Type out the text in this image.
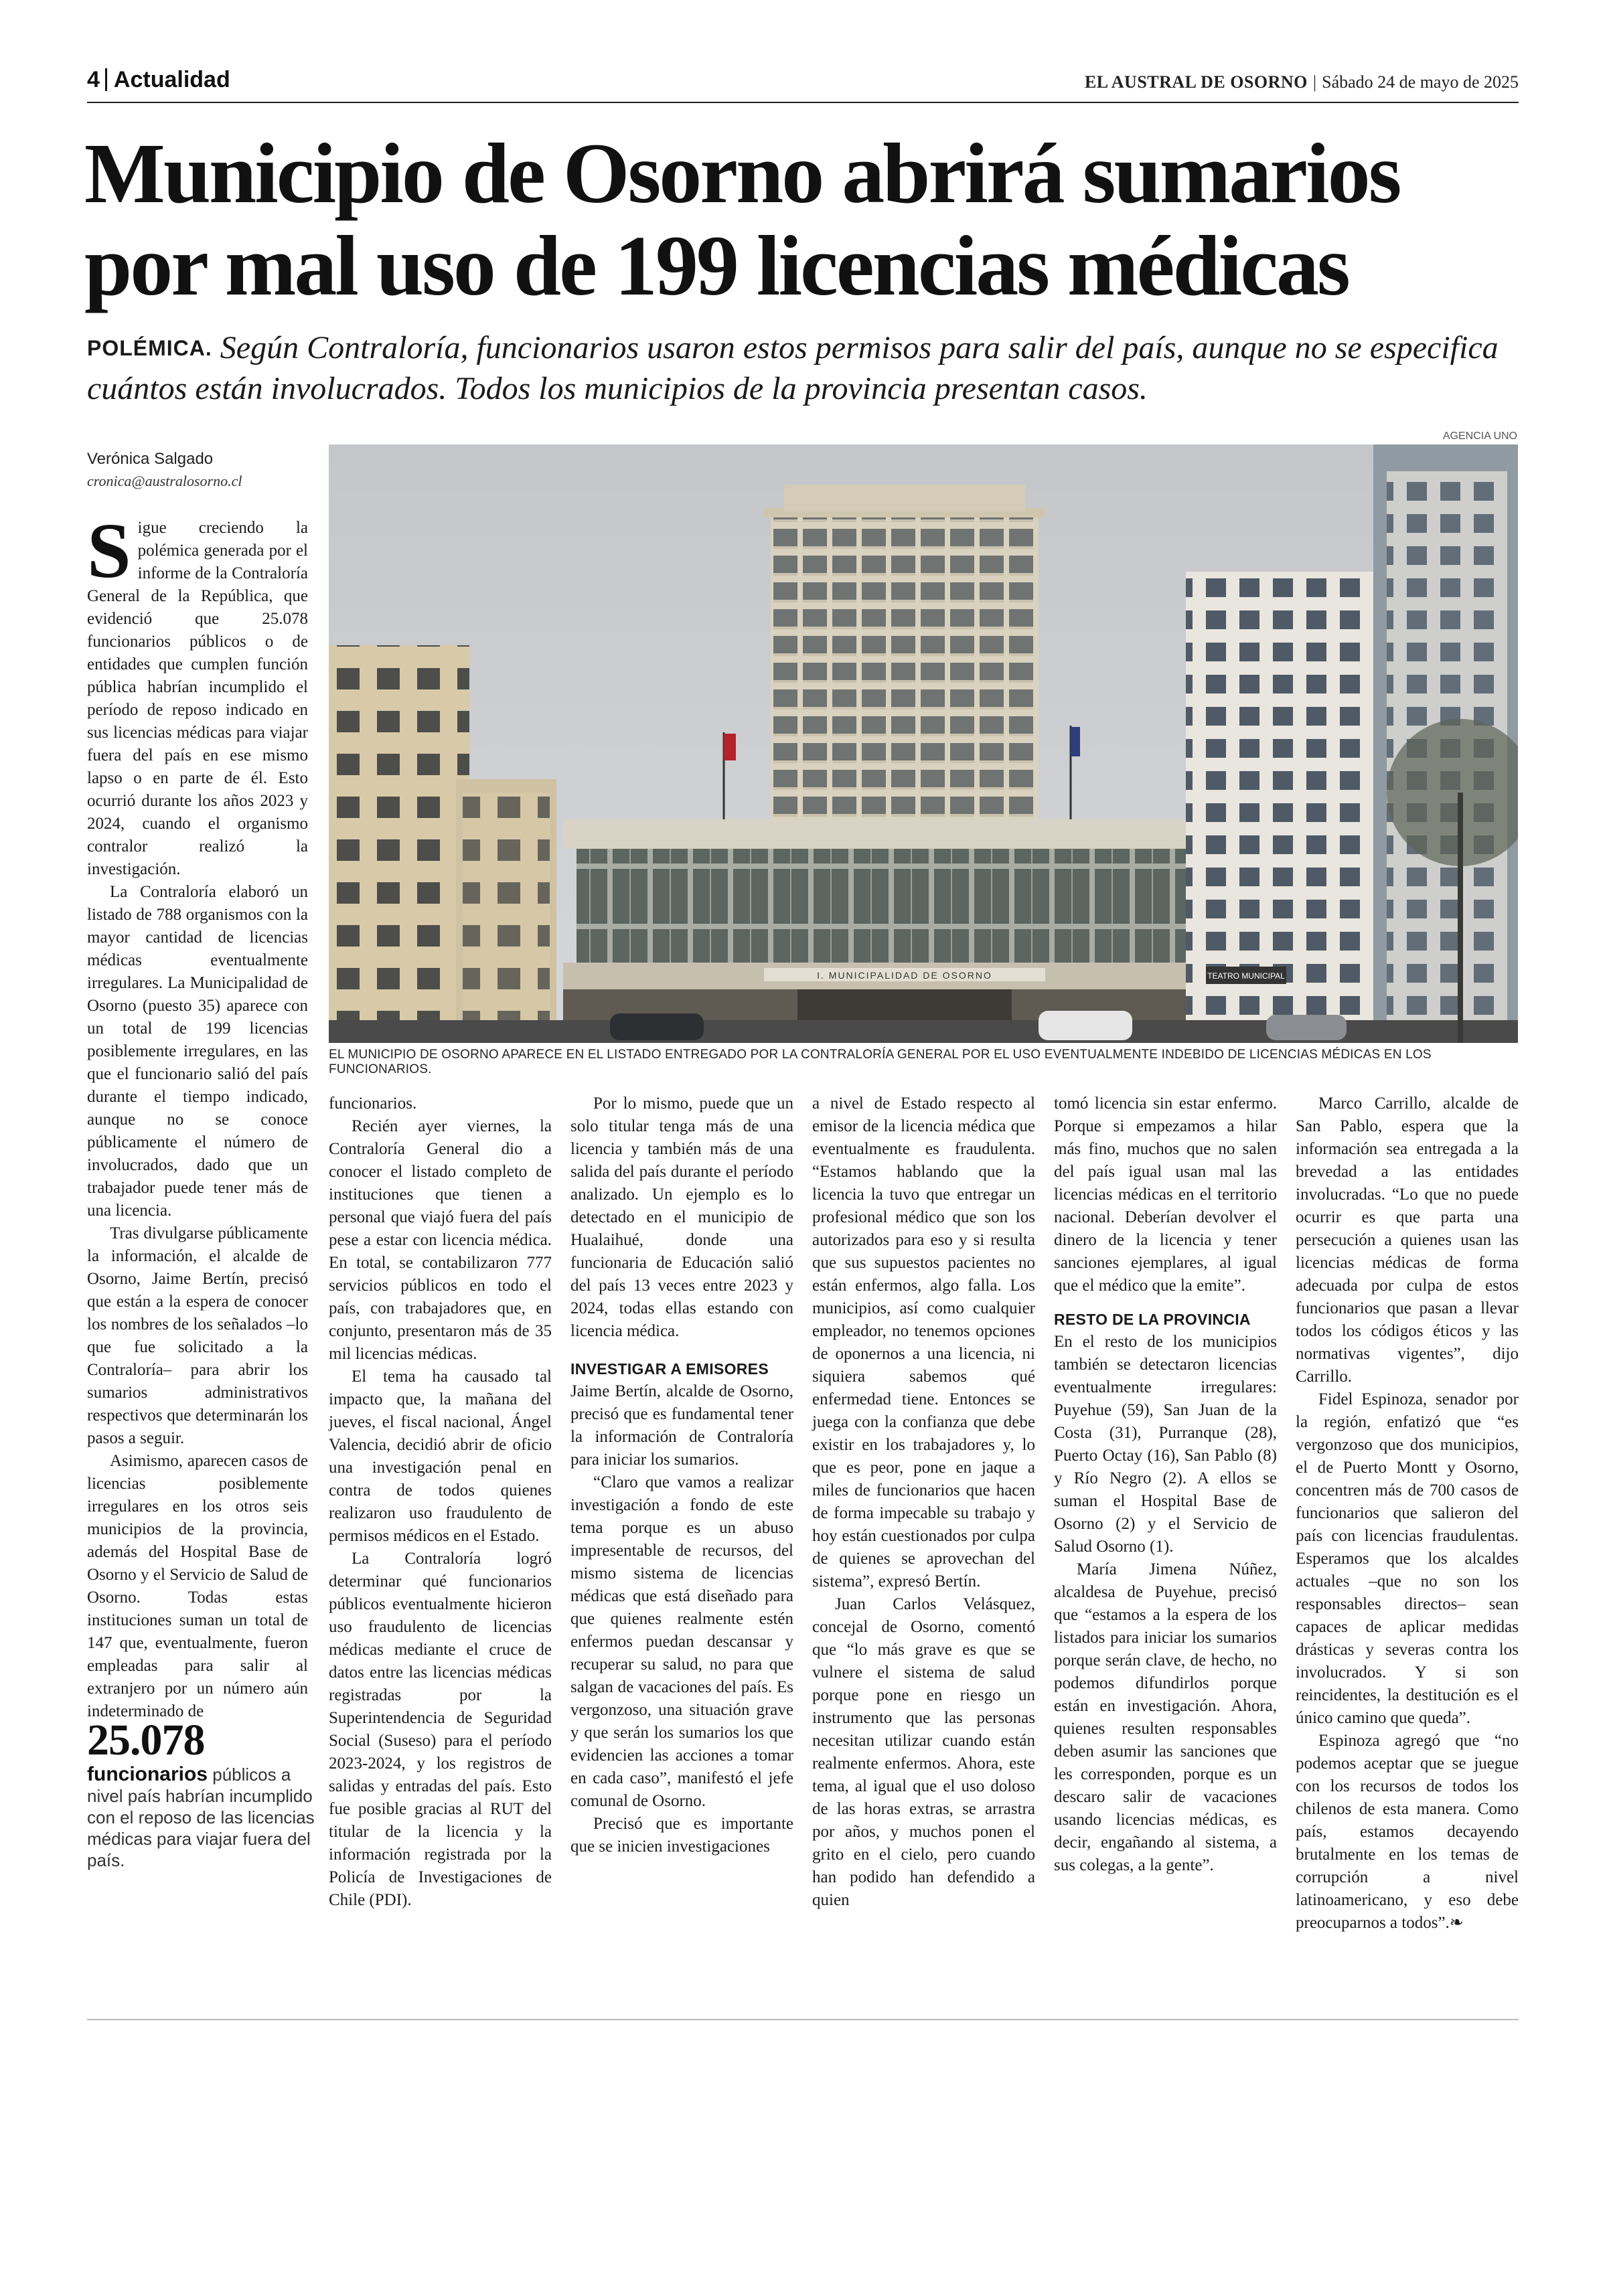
4 Actualidad	EL AUSTRAL DE OSORNO | Sábado 24 de mayo de 2025
Municipio de Osorno abrirá sumarios por mal uso de 199 licencias médicas
POLÉMICA. Según Contraloría, funcionarios usaron estos permisos para salir del país, aunque no se especifica cuántos están involucrados. Todos los municipios de la provincia presentan casos.
Verónica Salgado
cronica@australosorno.cl
AGENCIA UNO
I. MUNICIPALIDAD DE OSORNO	TEATRO MUNICIPAL
EL MUNICIPIO DE OSORNO APARECE EN EL LISTADO ENTREGADO POR LA CONTRALORÍA GENERAL POR EL USO EVENTUALMENTE INDEBIDO DE LICENCIAS MÉDICAS EN LOS FUNCIONARIOS.

Sigue creciendo la polémica generada por el informe de la Contraloría General de la República, que evidenció que 25.078 funcionarios públicos o de entidades que cumplen función pública habrían incumplido el período de reposo indicado en sus licencias médicas para viajar fuera del país en ese mismo lapso o en parte de él. Esto ocurrió durante los años 2023 y 2024, cuando el organismo contralor realizó la investigación.

La Contraloría elaboró un listado de 788 organismos con la mayor cantidad de licencias médicas eventualmente irregulares. La Municipalidad de Osorno (puesto 35) aparece con un total de 199 licencias posiblemente irregulares, en las que el funcionario salió del país durante el tiempo indicado, aunque no se conoce públicamente el número de involucrados, dado que un trabajador puede tener más de una licencia.

Tras divulgarse públicamente la información, el alcalde de Osorno, Jaime Bertín, precisó que están a la espera de conocer los nombres de los señalados –lo que fue solicitado a la Contraloría– para abrir los sumarios administrativos respectivos que determinarán los pasos a seguir.

Asimismo, aparecen casos de licencias posiblemente irregulares en los otros seis municipios de la provincia, además del Hospital Base de Osorno y el Servicio de Salud de Osorno. Todas estas instituciones suman un total de 147 que, eventualmente, fueron empleadas para salir al extranjero por un número aún indeterminado de

25.078
funcionarios públicos a nivel país habrían incumplido con el reposo de las licencias médicas para viajar fuera del país.

funcionarios.

Recién ayer viernes, la Contraloría General dio a conocer el listado completo de instituciones que tienen a personal que viajó fuera del país pese a estar con licencia médica. En total, se contabilizaron 777 servicios públicos en todo el país, con trabajadores que, en conjunto, presentaron más de 35 mil licencias médicas.

El tema ha causado tal impacto que, la mañana del jueves, el fiscal nacional, Ángel Valencia, decidió abrir de oficio una investigación penal en contra de todos quienes realizaron uso fraudulento de permisos médicos en el Estado.

La Contraloría logró determinar qué funcionarios públicos eventualmente hicieron uso fraudulento de licencias médicas mediante el cruce de datos entre las licencias médicas registradas por la Superintendencia de Seguridad Social (Suseso) para el período 2023-2024, y los registros de salidas y entradas del país. Esto fue posible gracias al RUT del titular de la licencia y la información registrada por la Policía de Investigaciones de Chile (PDI).

Por lo mismo, puede que un solo titular tenga más de una licencia y también más de una salida del país durante el período analizado. Un ejemplo es lo detectado en el municipio de Hualaihué, donde una funcionaria de Educación salió del país 13 veces entre 2023 y 2024, todas ellas estando con licencia médica.

INVESTIGAR A EMISORES

Jaime Bertín, alcalde de Osorno, precisó que es fundamental tener la información de Contraloría para iniciar los sumarios.

“Claro que vamos a realizar investigación a fondo de este tema porque es un abuso impresentable de recursos, del mismo sistema de licencias médicas que está diseñado para que quienes realmente estén enfermos puedan descansar y recuperar su salud, no para que salgan de vacaciones del país. Es vergonzoso, una situación grave y que serán los sumarios los que evidencien las acciones a tomar en cada caso”, manifestó el jefe comunal de Osorno.

Precisó que es importante que se inicien investigaciones

a nivel de Estado respecto al emisor de la licencia médica que eventualmente es fraudulenta. “Estamos hablando que la licencia la tuvo que entregar un profesional médico que son los autorizados para eso y si resulta que sus supuestos pacientes no están enfermos, algo falla. Los municipios, así como cualquier empleador, no tenemos opciones de oponernos a una licencia, ni siquiera sabemos qué enfermedad tiene. Entonces se juega con la confianza que debe existir en los trabajadores y, lo que es peor, pone en jaque a miles de funcionarios que hacen de forma impecable su trabajo y hoy están cuestionados por culpa de quienes se aprovechan del sistema”, expresó Bertín.

Juan Carlos Velásquez, concejal de Osorno, comentó que “lo más grave es que se vulnere el sistema de salud porque pone en riesgo un instrumento que las personas necesitan utilizar cuando están realmente enfermos. Ahora, este tema, al igual que el uso doloso de las horas extras, se arrastra por años, y muchos ponen el grito en el cielo, pero cuando han podido han defendido a quien

tomó licencia sin estar enfermo. Porque si empezamos a hilar más fino, muchos que no salen del país igual usan mal las licencias médicas en el territorio nacional. Deberían devolver el dinero de la licencia y tener sanciones ejemplares, al igual que el médico que la emite”.

RESTO DE LA PROVINCIA

En el resto de los municipios también se detectaron licencias eventualmente irregulares: Puyehue (59), San Juan de la Costa (31), Purranque (28), Puerto Octay (16), San Pablo (8) y Río Negro (2). A ellos se suman el Hospital Base de Osorno (2) y el Servicio de Salud Osorno (1).

María Jimena Núñez, alcaldesa de Puyehue, precisó que “estamos a la espera de los listados para iniciar los sumarios porque serán clave, de hecho, no podemos difundirlos porque están en investigación. Ahora, quienes resulten responsables deben asumir las sanciones que les corresponden, porque es un descaro salir de vacaciones usando licencias médicas, es decir, engañando al sistema, a sus colegas, a la gente”.

Marco Carrillo, alcalde de San Pablo, espera que la información sea entregada a la brevedad a las entidades involucradas. “Lo que no puede ocurrir es que parta una persecución a quienes usan las licencias médicas de forma adecuada por culpa de estos funcionarios que pasan a llevar todos los códigos éticos y las normativas vigentes”, dijo Carrillo.

Fidel Espinoza, senador por la región, enfatizó que “es vergonzoso que dos municipios, el de Puerto Montt y Osorno, concentren más de 700 casos de funcionarios que salieron del país con licencias fraudulentas. Esperamos que los alcaldes actuales –que no son los responsables directos– sean capaces de aplicar medidas drásticas y severas contra los involucrados. Y si son reincidentes, la destitución es el único camino que queda”.

Espinoza agregó que “no podemos aceptar que se juegue con los recursos de todos los chilenos de esta manera. Como país, estamos decayendo brutalmente en los temas de corrupción a nivel latinoamericano, y eso debe preocuparnos a todos”.❧
